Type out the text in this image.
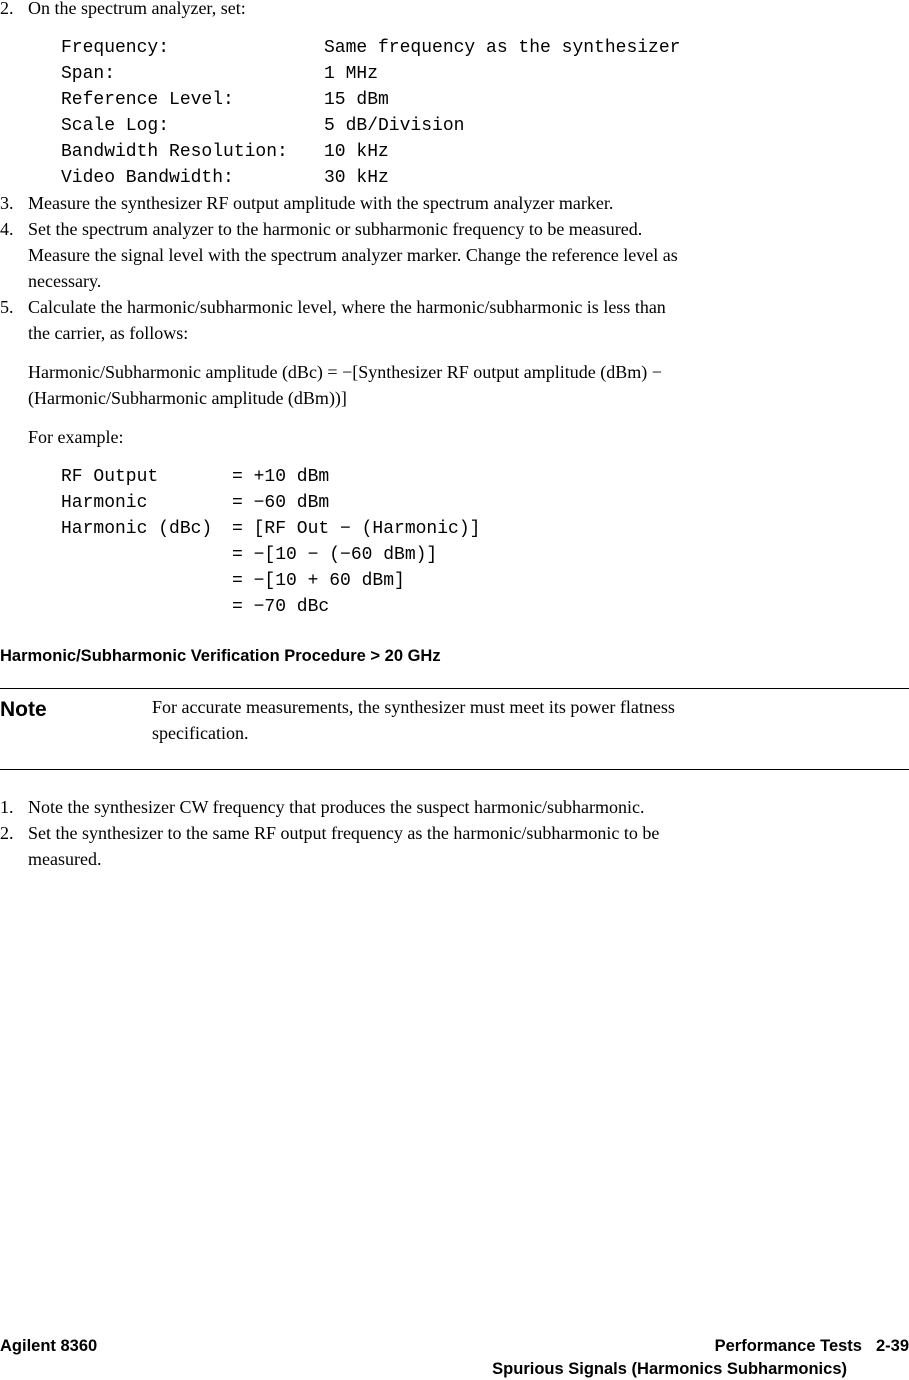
2. On the spectrum analyzer, set:
Frequency:	Same frequency as the synthesizer
Span:	1 MHz
Reference Level:	15 dBm
Scale Log:	5 dB/Division
Bandwidth Resolution: 10 kHz
Video Bandwidth:	30 kHz
3. Measure the synthesizer RF output amplitude with the spectrum analyzer marker.
4. Set the spectrum analyzer to the harmonic or subharmonic frequency to be measured.
Measure the signal level with the spectrum analyzer marker. Change the reference level as
necessary.
5. Calculate the harmonic/subharmonic level, where the harmonic/subharmonic is less than
the carrier, as follows:
Harmonic/Subharmonic amplitude (dBc) = −[Synthesizer RF output amplitude (dBm) −
(Harmonic/Subharmonic amplitude (dBm))]
For example:
RF Output	= +10 dBm
Harmonic	= −60 dBm
Harmonic (dBc) = [RF Out − (Harmonic)]
= −[10 − (−60 dBm)]
= −[10 + 60 dBm]
= −70 dBc
Harmonic/Subharmonic Verification Procedure > 20 GHz
Note	For accurate measurements, the synthesizer must meet its power flatness
specification.
1. Note the synthesizer CW frequency that produces the suspect harmonic/subharmonic.
2. Set the synthesizer to the same RF output frequency as the harmonic/subharmonic to be
measured.
Agilent 8360	Performance Tests 2-39
Spurious Signals (Harmonics Subharmonics)
